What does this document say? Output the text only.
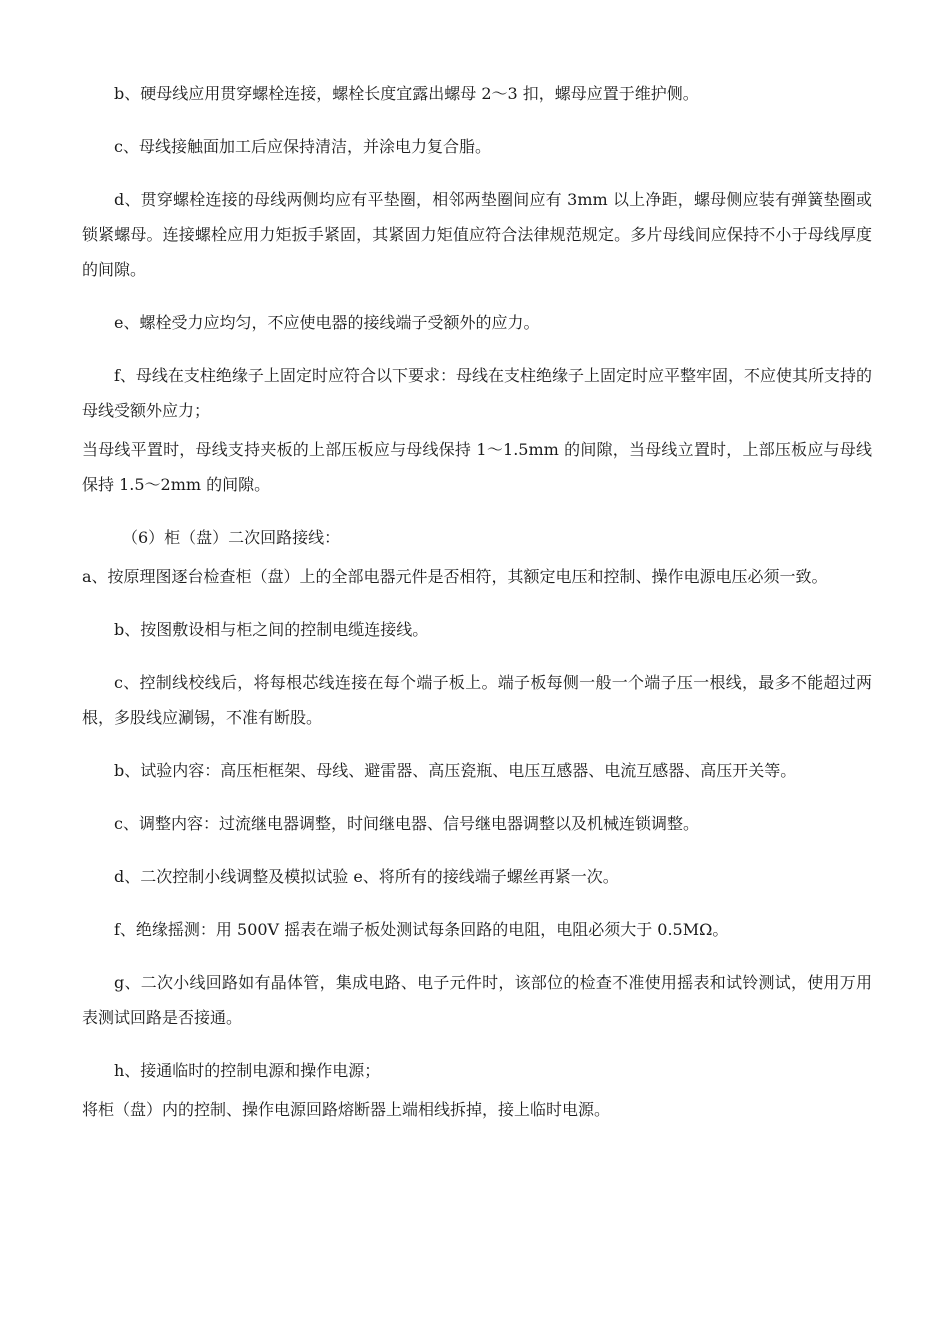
b、硬母线应用贯穿螺栓连接，螺栓长度宜露出螺母 2～3 扣，螺母应置于维护侧。

c、母线接触面加工后应保持清洁，并涂电力复合脂。

d、贯穿螺栓连接的母线两侧均应有平垫圈，相邻两垫圈间应有 3mm 以上净距，螺母侧应装有弹簧垫圈或锁紧螺母。连接螺栓应用力矩扳手紧固，其紧固力矩值应符合法律规范规定。多片母线间应保持不小于母线厚度的间隙。

e、螺栓受力应均匀，不应使电器的接线端子受额外的应力。

f、母线在支柱绝缘子上固定时应符合以下要求：母线在支柱绝缘子上固定时应平整牢固，不应使其所支持的母线受额外应力；

当母线平置时，母线支持夹板的上部压板应与母线保持 1～1.5mm 的间隙，当母线立置时，上部压板应与母线保持 1.5～2mm 的间隙。

（6）柜（盘）二次回路接线：

a、按原理图逐台检查柜（盘）上的全部电器元件是否相符，其额定电压和控制、操作电源电压必须一致。

b、按图敷设相与柜之间的控制电缆连接线。

c、控制线校线后，将每根芯线连接在每个端子板上。端子板每侧一般一个端子压一根线，最多不能超过两根，多股线应涮锡，不准有断股。

b、试验内容：高压柜框架、母线、避雷器、高压瓷瓶、电压互感器、电流互感器、高压开关等。

c、调整内容：过流继电器调整，时间继电器、信号继电器调整以及机械连锁调整。

d、二次控制小线调整及模拟试验 e、将所有的接线端子螺丝再紧一次。

f、绝缘摇测：用 500V 摇表在端子板处测试每条回路的电阻，电阻必须大于 0.5MΩ。

g、二次小线回路如有晶体管，集成电路、电子元件时，该部位的检查不准使用摇表和试铃测试，使用万用表测试回路是否接通。

h、接通临时的控制电源和操作电源；

将柜（盘）内的控制、操作电源回路熔断器上端相线拆掉，接上临时电源。
